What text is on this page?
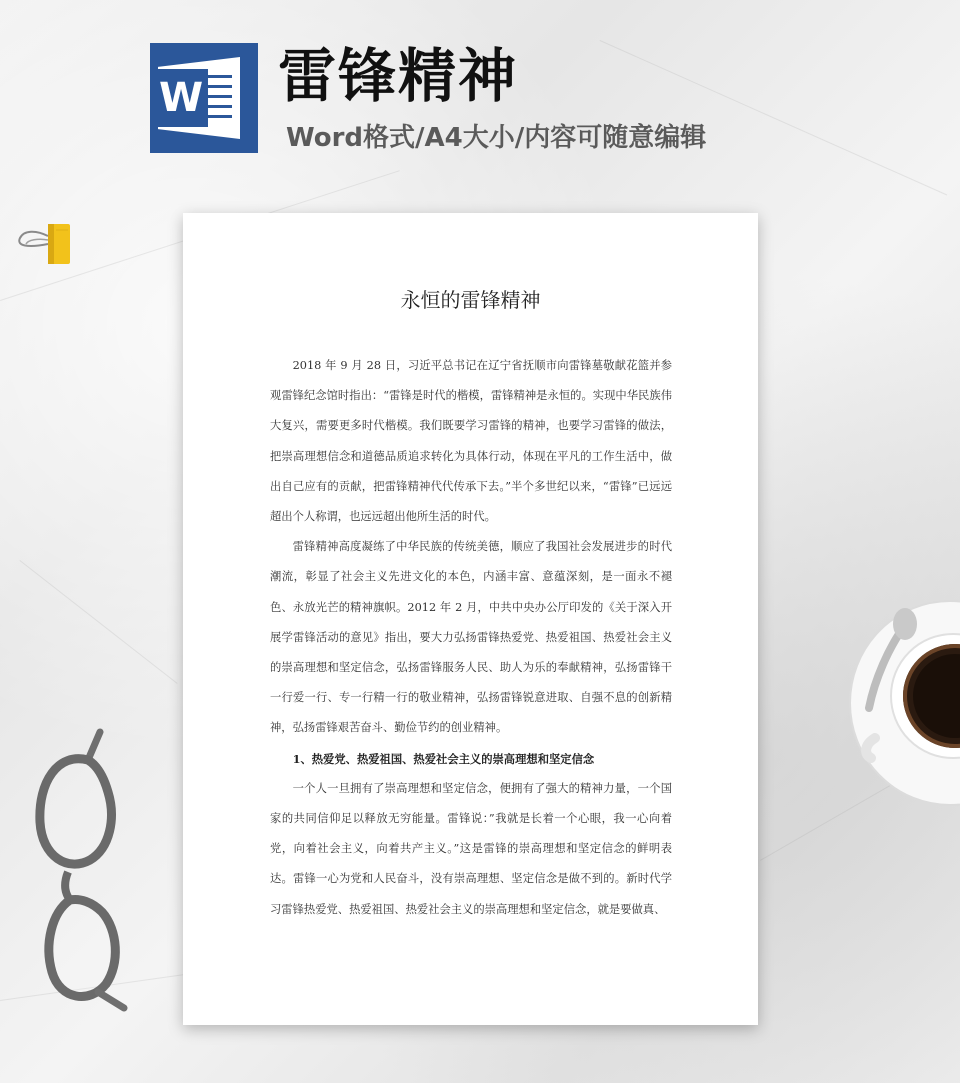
W 雷锋精神
Word格式/A4大小/内容可随意编辑
永恒的雷锋精神

2018 年 9 月 28 日，习近平总书记在辽宁省抚顺市向雷锋墓敬献花篮并参观雷锋纪念馆时指出：“雷锋是时代的楷模，雷锋精神是永恒的。实现中华民族伟大复兴，需要更多时代楷模。我们既要学习雷锋的精神，也要学习雷锋的做法，把崇高理想信念和道德品质追求转化为具体行动，体现在平凡的工作生活中，做出自己应有的贡献，把雷锋精神代代传承下去。”半个多世纪以来，“雷锋”已远远超出个人称谓，也远远超出他所生活的时代。

雷锋精神高度凝练了中华民族的传统美德，顺应了我国社会发展进步的时代潮流，彰显了社会主义先进文化的本色，内涵丰富、意蕴深刻，是一面永不褪色、永放光芒的精神旗帜。2012 年 2 月，中共中央办公厅印发的《关于深入开展学雷锋活动的意见》指出，要大力弘扬雷锋热爱党、热爱祖国、热爱社会主义的崇高理想和坚定信念，弘扬雷锋服务人民、助人为乐的奉献精神，弘扬雷锋干一行爱一行、专一行精一行的敬业精神，弘扬雷锋锐意进取、自强不息的创新精神，弘扬雷锋艰苦奋斗、勤俭节约的创业精神。

1、热爱党、热爱祖国、热爱社会主义的崇高理想和坚定信念

一个人一旦拥有了崇高理想和坚定信念，便拥有了强大的精神力量，一个国家的共同信仰足以释放无穷能量。雷锋说：”我就是长着一个心眼，我一心向着党，向着社会主义，向着共产主义。”这是雷锋的崇高理想和坚定信念的鲜明表达。雷锋一心为党和人民奋斗，没有崇高理想、坚定信念是做不到的。新时代学习雷锋热爱党、热爱祖国、热爱社会主义的崇高理想和坚定信念，就是要做真、
